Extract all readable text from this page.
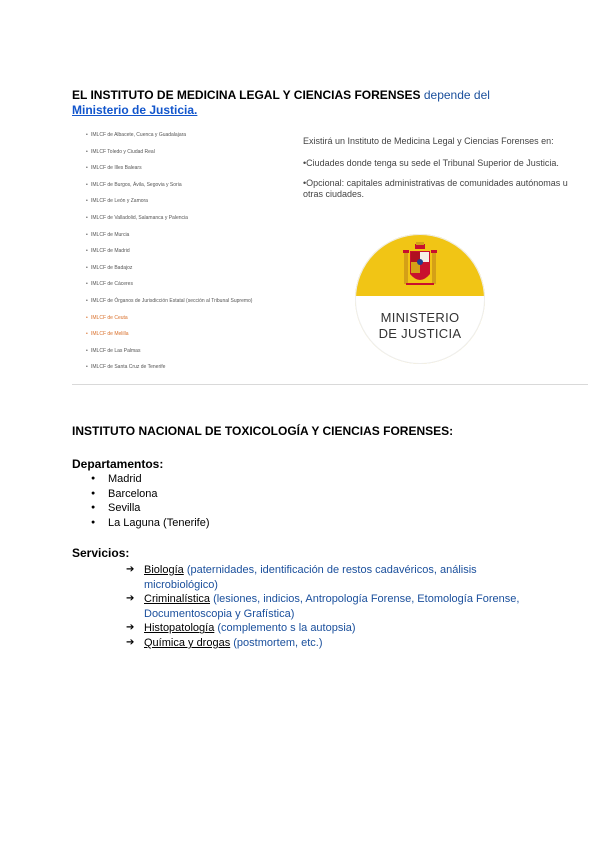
EL INSTITUTO DE MEDICINA LEGAL Y CIENCIAS FORENSES depende del
Ministerio de Justicia.
• IMLCF de Albacete, Cuenca y Guadalajara
• IMLCF Toledo y Ciudad Real
• IMLCF de Illes Balears
• IMLCF de Burgos, Ávila, Segovia y Soria
• IMLCF de León y Zamora
• IMLCF de Valladolid, Salamanca y Palencia
• IMLCF de Murcia
• IMLCF de Madrid
• IMLCF de Badajoz
• IMLCF de Cáceres
• IMLCF de Órganos de Jurisdicción Estatal (sección al Tribunal Supremo)
• IMLCF de Ceuta
• IMLCF de Melilla
• IMLCF de Las Palmas
• IMLCF de Santa Cruz de Tenerife

Existirá un Instituto de Medicina Legal y Ciencias Forenses en:

•Ciudades donde tenga su sede el Tribunal Superior de Justicia.

•Opcional: capitales administrativas de comunidades autónomas u otras ciudades.

MINISTERIO
DE JUSTICIA
INSTITUTO NACIONAL DE TOXICOLOGÍA Y CIENCIAS FORENSES:
Departamentos:
● Madrid
● Barcelona
● Sevilla
● La Laguna (Tenerife)
Servicios:
➔ Biología (paternidades, identificación de restos cadavéricos, análisis microbiológico)
➔ Criminalística (lesiones, indicios, Antropología Forense, Etomología Forense, Documentoscopia y Grafística)
➔ Histopatología (complemento s la autopsia)
➔ Química y drogas (postmortem, etc.)
